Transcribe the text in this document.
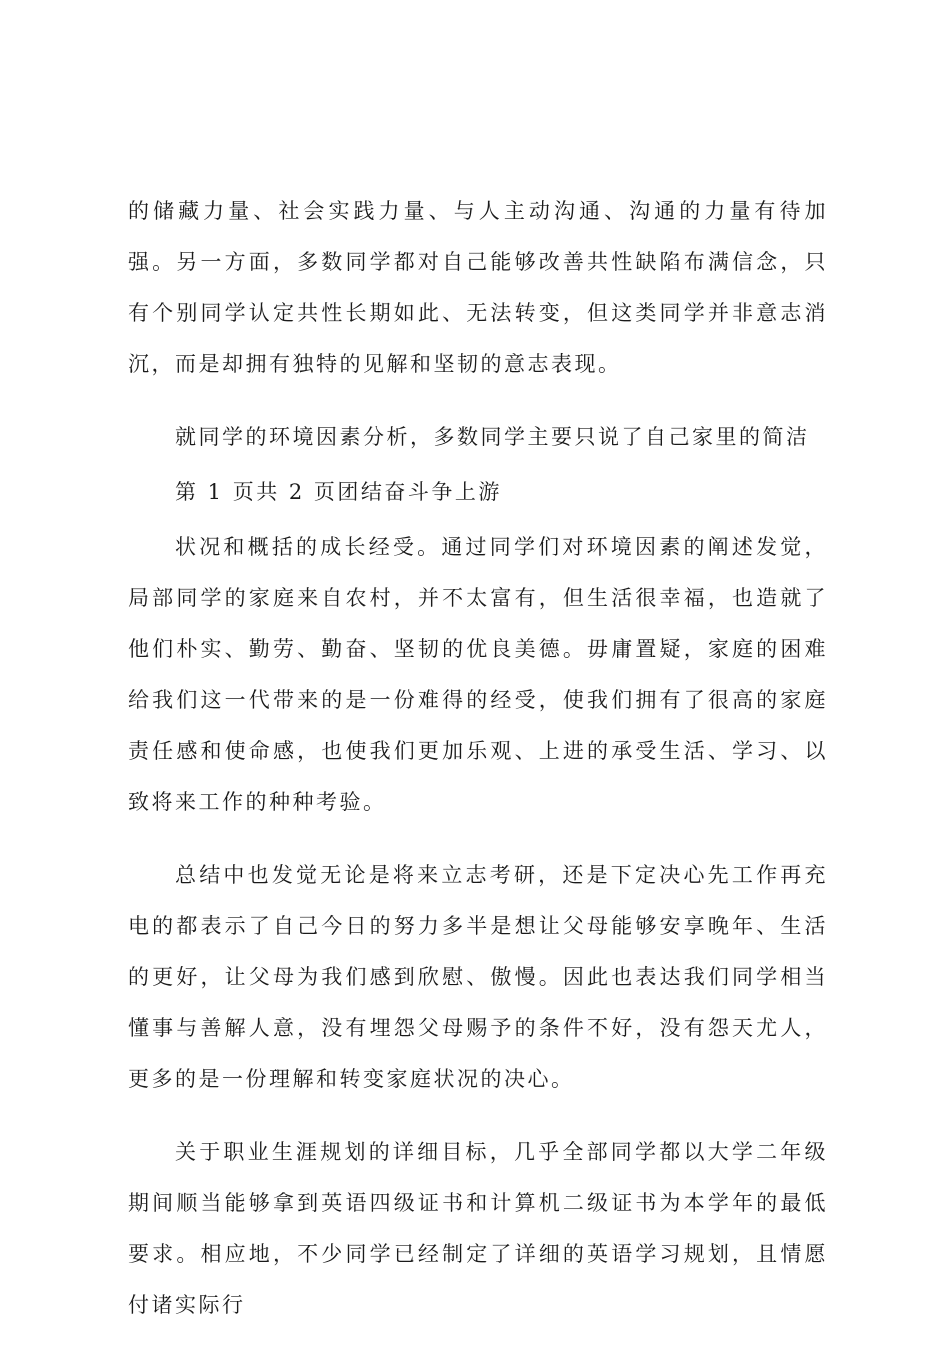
的储藏力量、社会实践力量、与人主动沟通、沟通的力量有待加强。另一方面，多数同学都对自己能够改善共性缺陷布满信念，只有个别同学认定共性长期如此、无法转变，但这类同学并非意志消沉，而是却拥有独特的见解和坚韧的意志表现。

就同学的环境因素分析，多数同学主要只说了自己家里的简洁

第 1 页共 2 页团结奋斗争上游

状况和概括的成长经受。通过同学们对环境因素的阐述发觉，局部同学的家庭来自农村，并不太富有，但生活很幸福，也造就了他们朴实、勤劳、勤奋、坚韧的优良美德。毋庸置疑，家庭的困难给我们这一代带来的是一份难得的经受，使我们拥有了很高的家庭责任感和使命感，也使我们更加乐观、上进的承受生活、学习、以致将来工作的种种考验。

总结中也发觉无论是将来立志考研，还是下定决心先工作再充电的都表示了自己今日的努力多半是想让父母能够安享晚年、生活的更好，让父母为我们感到欣慰、傲慢。因此也表达我们同学相当懂事与善解人意，没有埋怨父母赐予的条件不好，没有怨天尤人，更多的是一份理解和转变家庭状况的决心。

关于职业生涯规划的详细目标，几乎全部同学都以大学二年级期间顺当能够拿到英语四级证书和计算机二级证书为本学年的最低要求。相应地，不少同学已经制定了详细的英语学习规划，且情愿付诸实际行
